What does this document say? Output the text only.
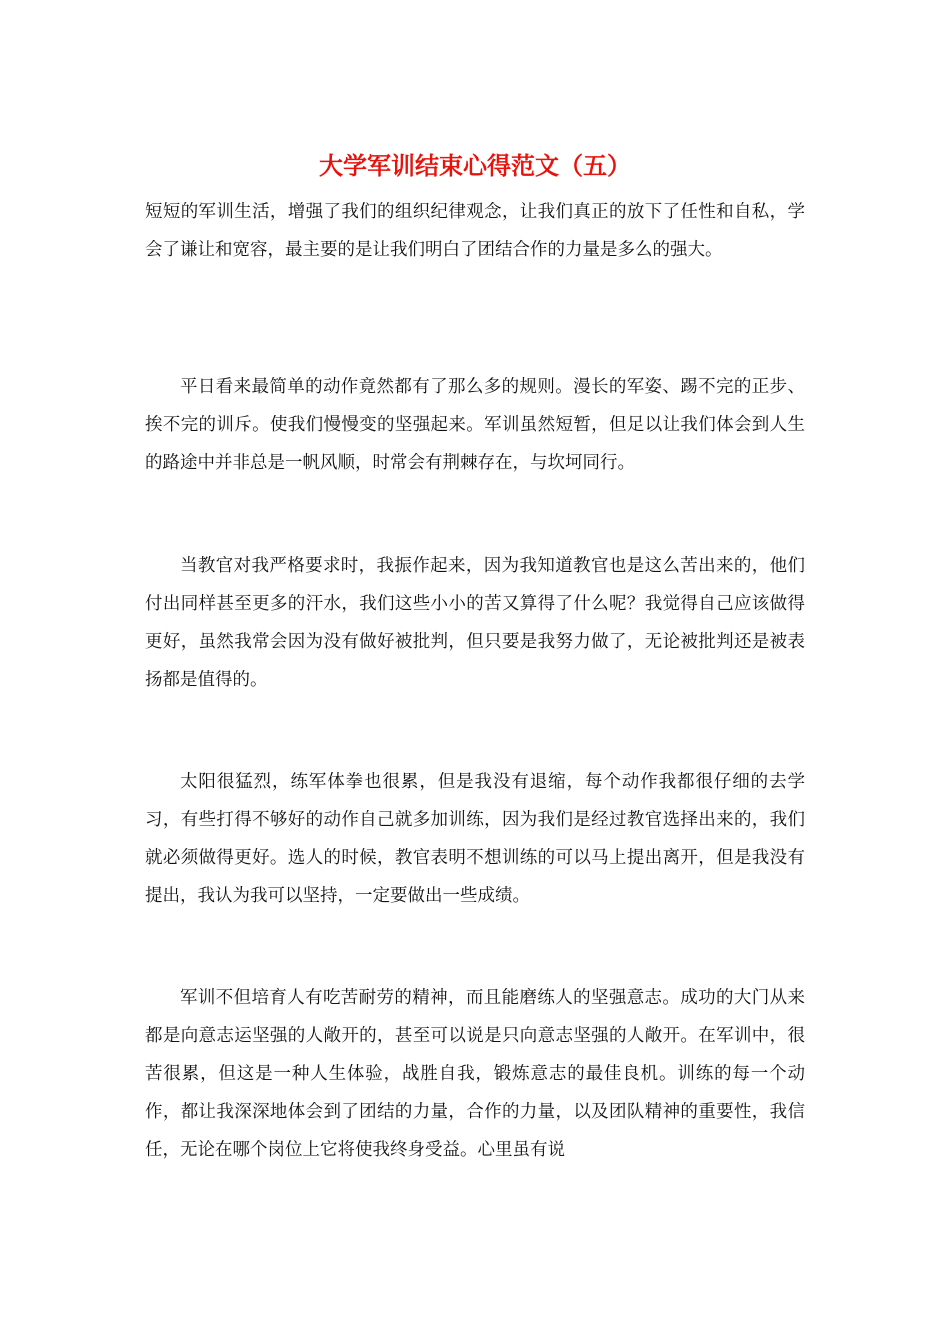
大学军训结束心得范文（五）

短短的军训生活，增强了我们的组织纪律观念，让我们真正的放下了任性和自私，学会了谦让和宽容，最主要的是让我们明白了团结合作的力量是多么的强大。

平日看来最简单的动作竟然都有了那么多的规则。漫长的军姿、踢不完的正步、挨不完的训斥。使我们慢慢变的坚强起来。军训虽然短暂，但足以让我们体会到人生的路途中并非总是一帆风顺，时常会有荆棘存在，与坎坷同行。

当教官对我严格要求时，我振作起来，因为我知道教官也是这么苦出来的，他们付出同样甚至更多的汗水，我们这些小小的苦又算得了什么呢？我觉得自己应该做得更好，虽然我常会因为没有做好被批判，但只要是我努力做了，无论被批判还是被表扬都是值得的。

太阳很猛烈，练军体拳也很累，但是我没有退缩，每个动作我都很仔细的去学习，有些打得不够好的动作自己就多加训练，因为我们是经过教官选择出来的，我们就必须做得更好。选人的时候，教官表明不想训练的可以马上提出离开，但是我没有提出，我认为我可以坚持，一定要做出一些成绩。

军训不但培育人有吃苦耐劳的精神，而且能磨练人的坚强意志。成功的大门从来都是向意志运坚强的人敞开的，甚至可以说是只向意志坚强的人敞开。在军训中，很苦很累，但这是一种人生体验，战胜自我，锻炼意志的最佳良机。训练的每一个动作，都让我深深地体会到了团结的力量，合作的力量，以及团队精神的重要性，我信任，无论在哪个岗位上它将使我终身受益。心里虽有说
